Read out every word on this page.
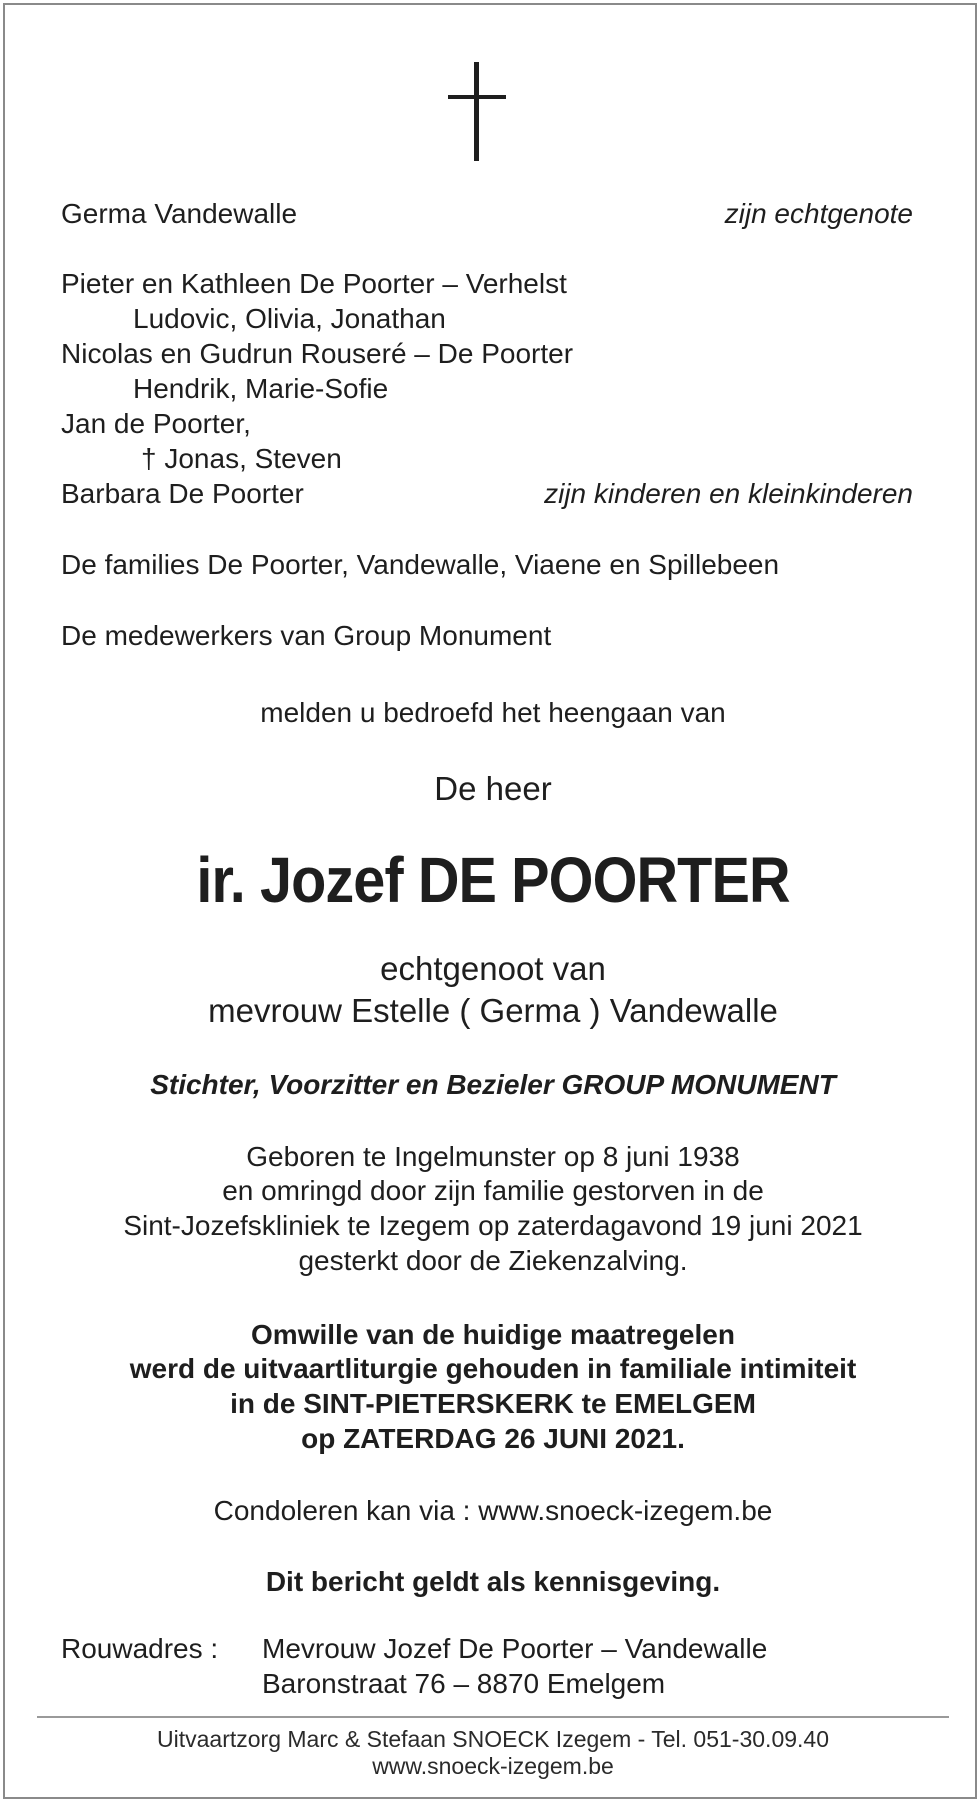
Germa Vandewalle	zijn echtgenote
Pieter en Kathleen De Poorter – Verhelst
Ludovic, Olivia, Jonathan
Nicolas en Gudrun Rouseré – De Poorter
Hendrik, Marie-Sofie
Jan de Poorter,
† Jonas, Steven
Barbara De Poorter	zijn kinderen en kleinkinderen
De families De Poorter, Vandewalle, Viaene en Spillebeen
De medewerkers van Group Monument
melden u bedroefd het heengaan van
De heer
ir. Jozef DE POORTER
echtgenoot van
mevrouw Estelle ( Germa ) Vandewalle
Stichter, Voorzitter en Bezieler GROUP MONUMENT
Geboren te Ingelmunster op 8 juni 1938
en omringd door zijn familie gestorven in de
Sint-Jozefskliniek te Izegem op zaterdagavond 19 juni 2021
gesterkt door de Ziekenzalving.
Omwille van de huidige maatregelen
werd de uitvaartliturgie gehouden in familiale intimiteit
in de SINT-PIETERSKERK te EMELGEM
op ZATERDAG 26 JUNI 2021.
Condoleren kan via : www.snoeck-izegem.be
Dit bericht geldt als kennisgeving.
Rouwadres : Mevrouw Jozef De Poorter – Vandewalle
Baronstraat 76 – 8870 Emelgem
Uitvaartzorg Marc & Stefaan SNOECK Izegem - Tel. 051-30.09.40
www.snoeck-izegem.be
